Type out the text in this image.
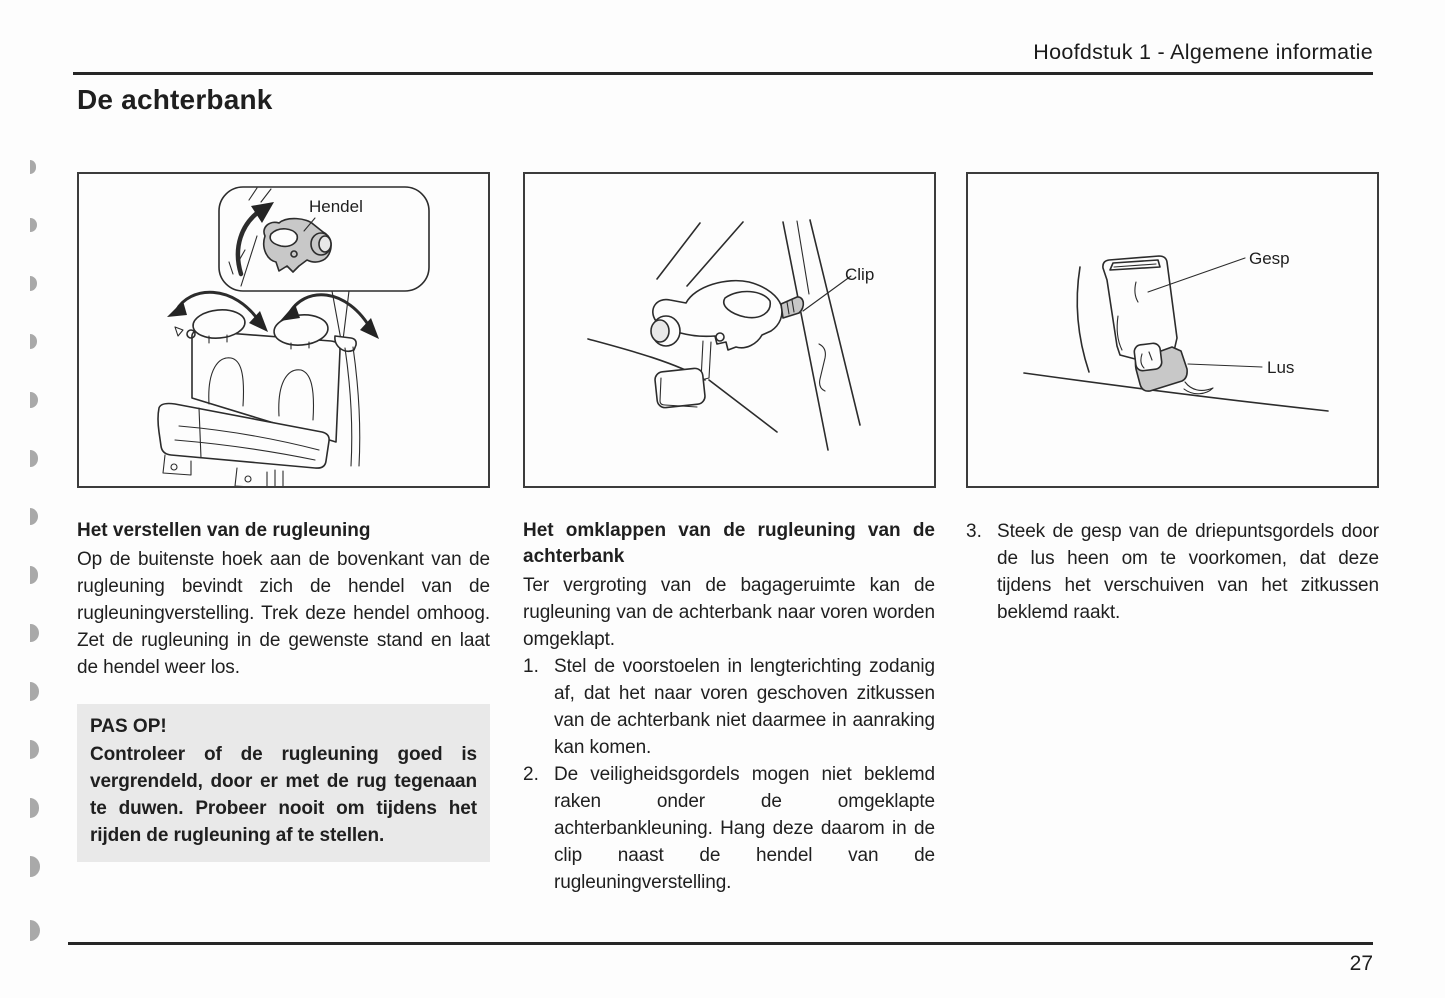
Hoofdstuk 1 - Algemene informatie
De achterbank
Hendel
Clip
Gesp
Lus
Het verstellen van de rugleuning

Op de buitenste hoek aan de bovenkant van de rugleuning bevindt zich de hendel van de rugleuningverstelling. Trek deze hendel omhoog. Zet de rugleuning in de gewenste stand en laat de hendel weer los.

PAS OP!
Controleer of de rugleuning goed is vergrendeld, door er met de rug tegenaan te duwen. Probeer nooit om tijdens het rijden de rugleuning af te stellen.
Het omklappen van de rugleuning van de achterbank

Ter vergroting van de bagageruimte kan de rugleuning van de achterbank naar voren worden omgeklapt.

1. Stel de voorstoelen in lengterichting zodanig af, dat het naar voren geschoven zitkussen van de achterbank niet daarmee in aanraking kan komen.
2. De veiligheidsgordels mogen niet beklemd raken onder de omgeklapte achterbankleuning. Hang deze daarom in de clip naast de hendel van de rugleuningverstelling.
3. Steek de gesp van de driepuntsgordels door de lus heen om te voorkomen, dat deze tijdens het verschuiven van het zitkussen beklemd raakt.
27
